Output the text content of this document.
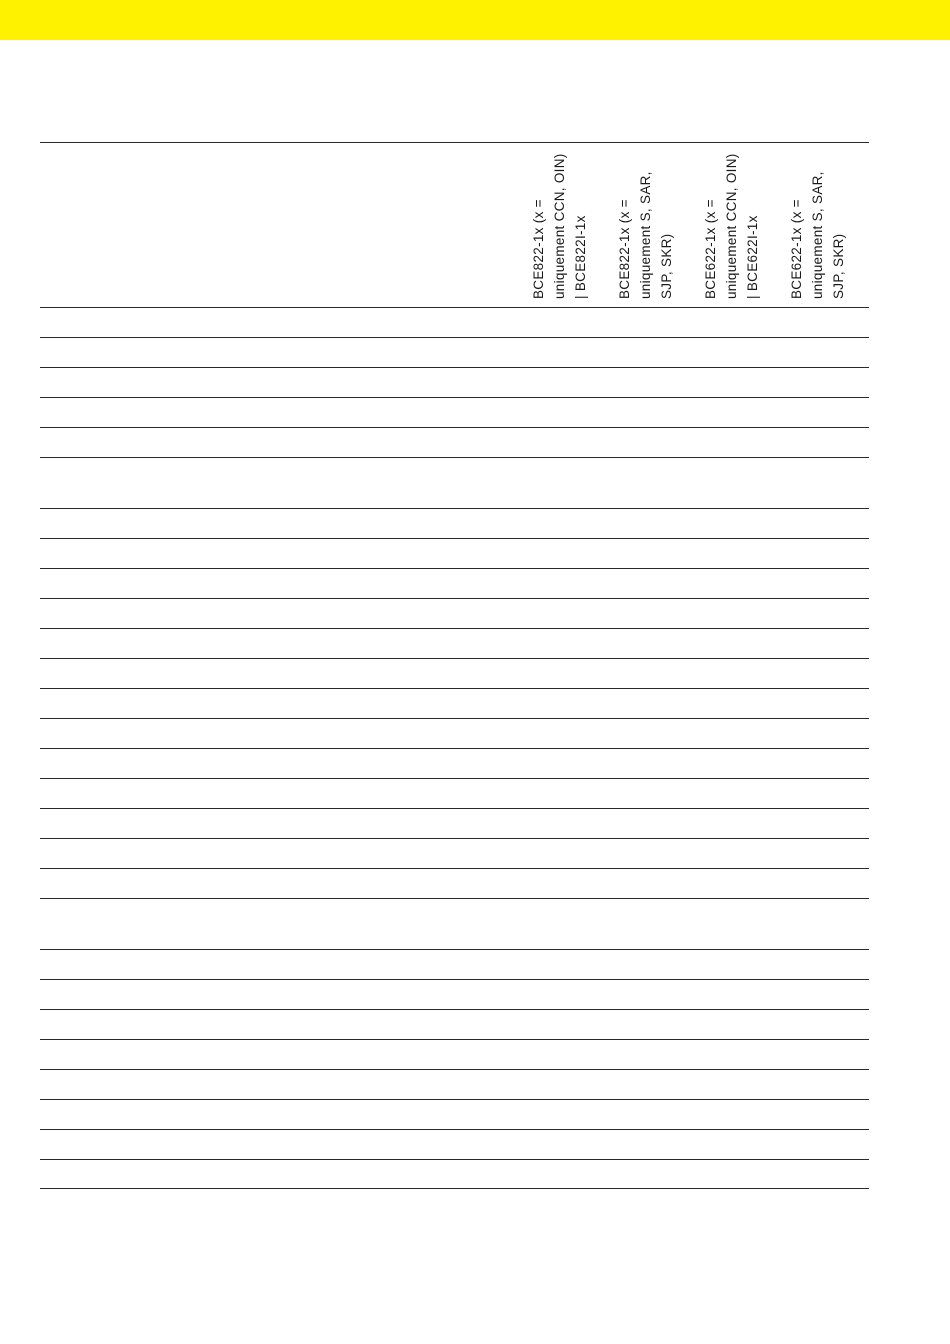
BCE822-1x (x = uniquement CCN, OIN) | BCE822I-1x BCE822-1x (x = uniquement S, SAR, SJP, SKR) BCE622-1x (x = uniquement CCN, OIN) | BCE622I-1x BCE622-1x (x = uniquement S, SAR, SJP, SKR)
